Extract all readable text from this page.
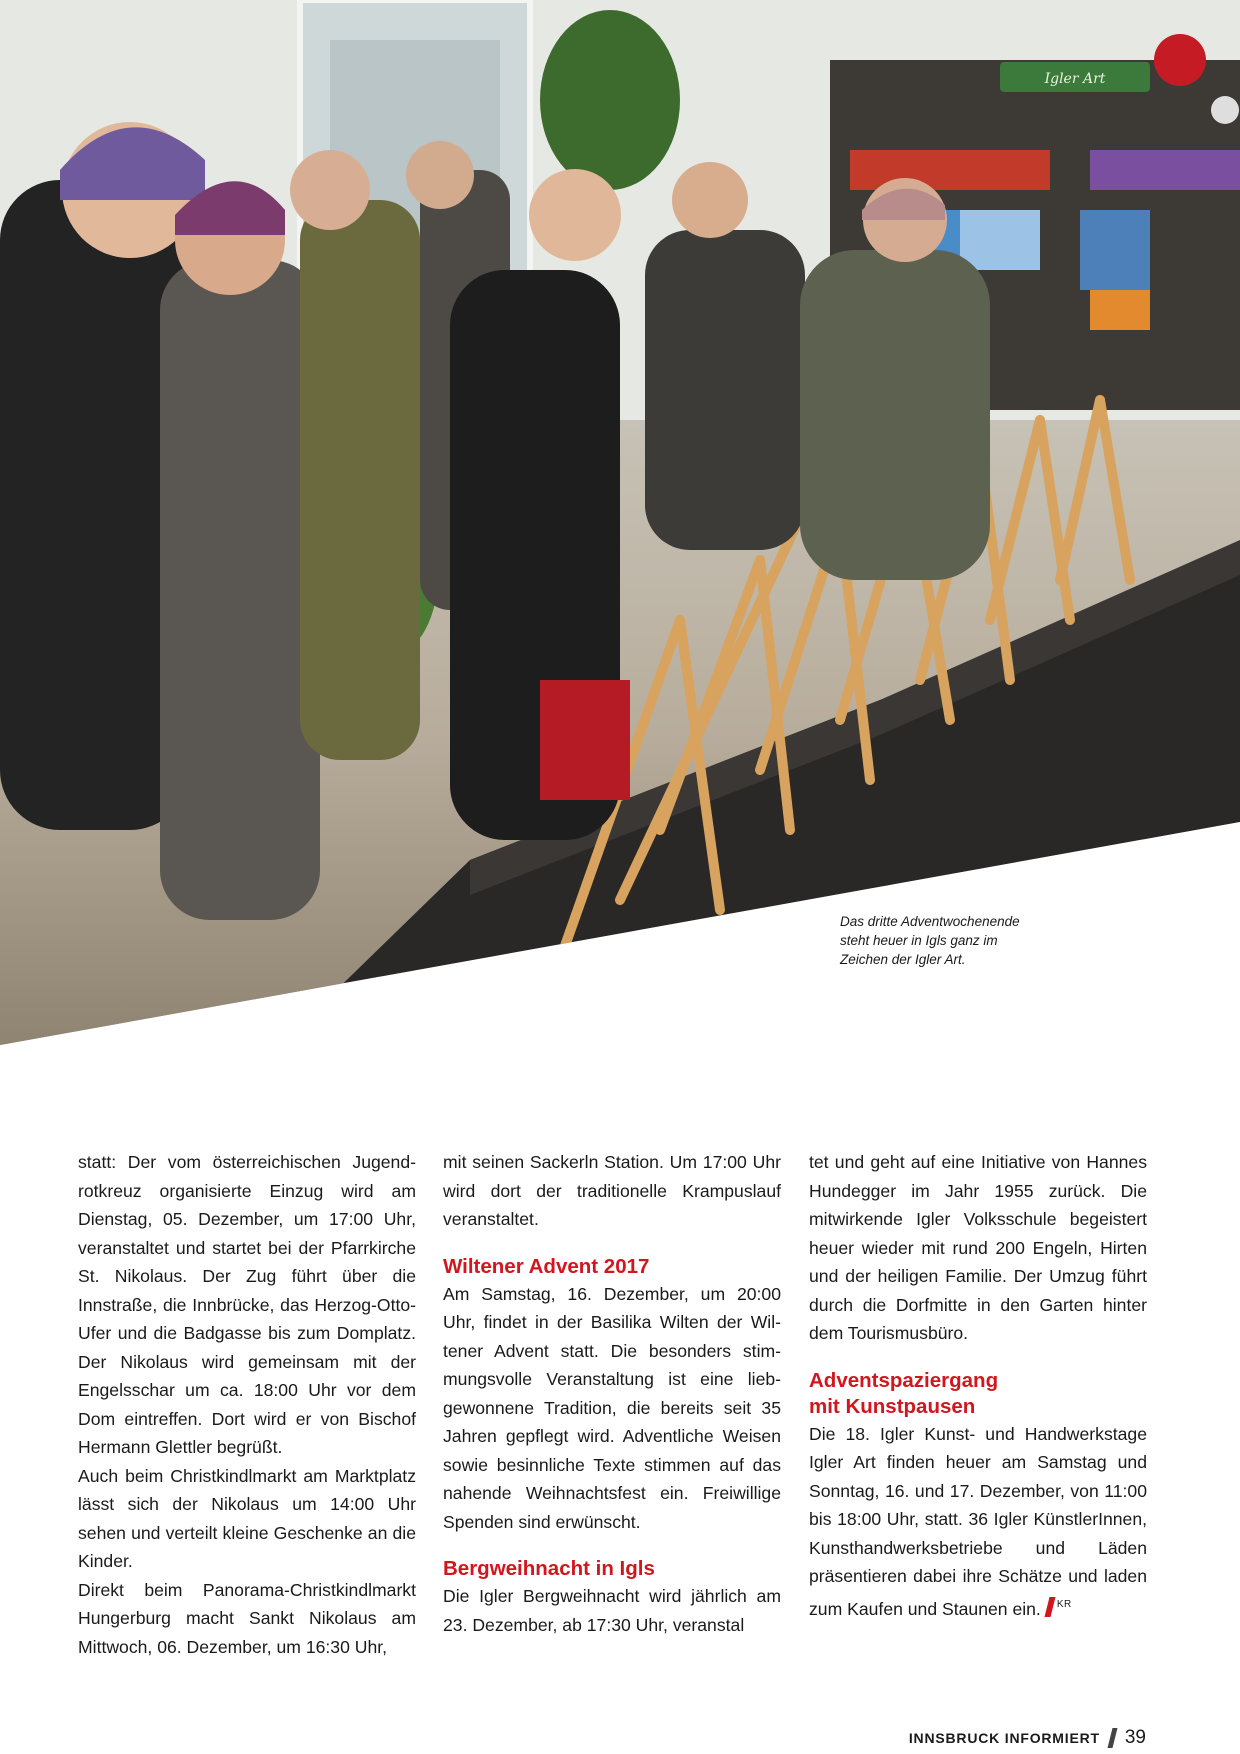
Igler Art
Das dritte Adventwochenende
steht heuer in Igls ganz im
Zeichen der Igler Art.

statt: Der vom österreichischen Jugendrotkreuz organisierte Einzug wird am Dienstag, 05. Dezember, um 17:00 Uhr, veranstaltet und startet bei der Pfarrkirche St. Nikolaus. Der Zug führt über die Innstraße, die Innbrücke, das Herzog-Otto-Ufer und die Badgasse bis zum Domplatz. Der Nikolaus wird gemeinsam mit der Engelsschar um ca. 18:00 Uhr vor dem Dom eintreffen. Dort wird er von Bischof Hermann Glettler begrüßt.

Auch beim Christkindlmarkt am Marktplatz lässt sich der Nikolaus um 14:00 Uhr sehen und verteilt kleine Geschenke an die Kinder.

Direkt beim Panorama-Christkindlmarkt Hungerburg macht Sankt Nikolaus am Mittwoch, 06. Dezember, um 16:30 Uhr,

mit seinen Sackerln Station. Um 17:00 Uhr wird dort der traditionelle Krampuslauf veranstaltet.

Wiltener Advent 2017

Am Samstag, 16. Dezember, um 20:00 Uhr, findet in der Basilika Wilten der Wiltener Advent statt. Die besonders stimmungsvolle Veranstaltung ist eine liebgewonnene Tradition, die bereits seit 35 Jahren gepflegt wird. Adventliche Weisen sowie besinnliche Texte stimmen auf das nahende Weihnachtsfest ein. Freiwillige Spenden sind erwünscht.

Bergweihnacht in Igls

Die Igler Bergweihnacht wird jährlich am 23. Dezember, ab 17:30 Uhr, veranstal

tet und geht auf eine Initiative von Hannes Hundegger im Jahr 1955 zurück. Die mitwirkende Igler Volksschule begeistert heuer wieder mit rund 200 Engeln, Hirten und der heiligen Familie. Der Umzug führt durch die Dorfmitte in den Garten hinter dem Tourismusbüro.

Adventspaziergang
mit Kunstpausen

Die 18. Igler Kunst- und Handwerkstage Igler Art finden heuer am Samstag und Sonntag, 16. und 17. Dezember, von 11:00 bis 18:00 Uhr, statt. 36 Igler KünstlerInnen, Kunsthandwerksbetriebe und Läden präsentieren dabei ihre Schätze und laden zum Kaufen und Staunen ein. $^{KR}$

INNSBRUCK INFORMIERT 39
